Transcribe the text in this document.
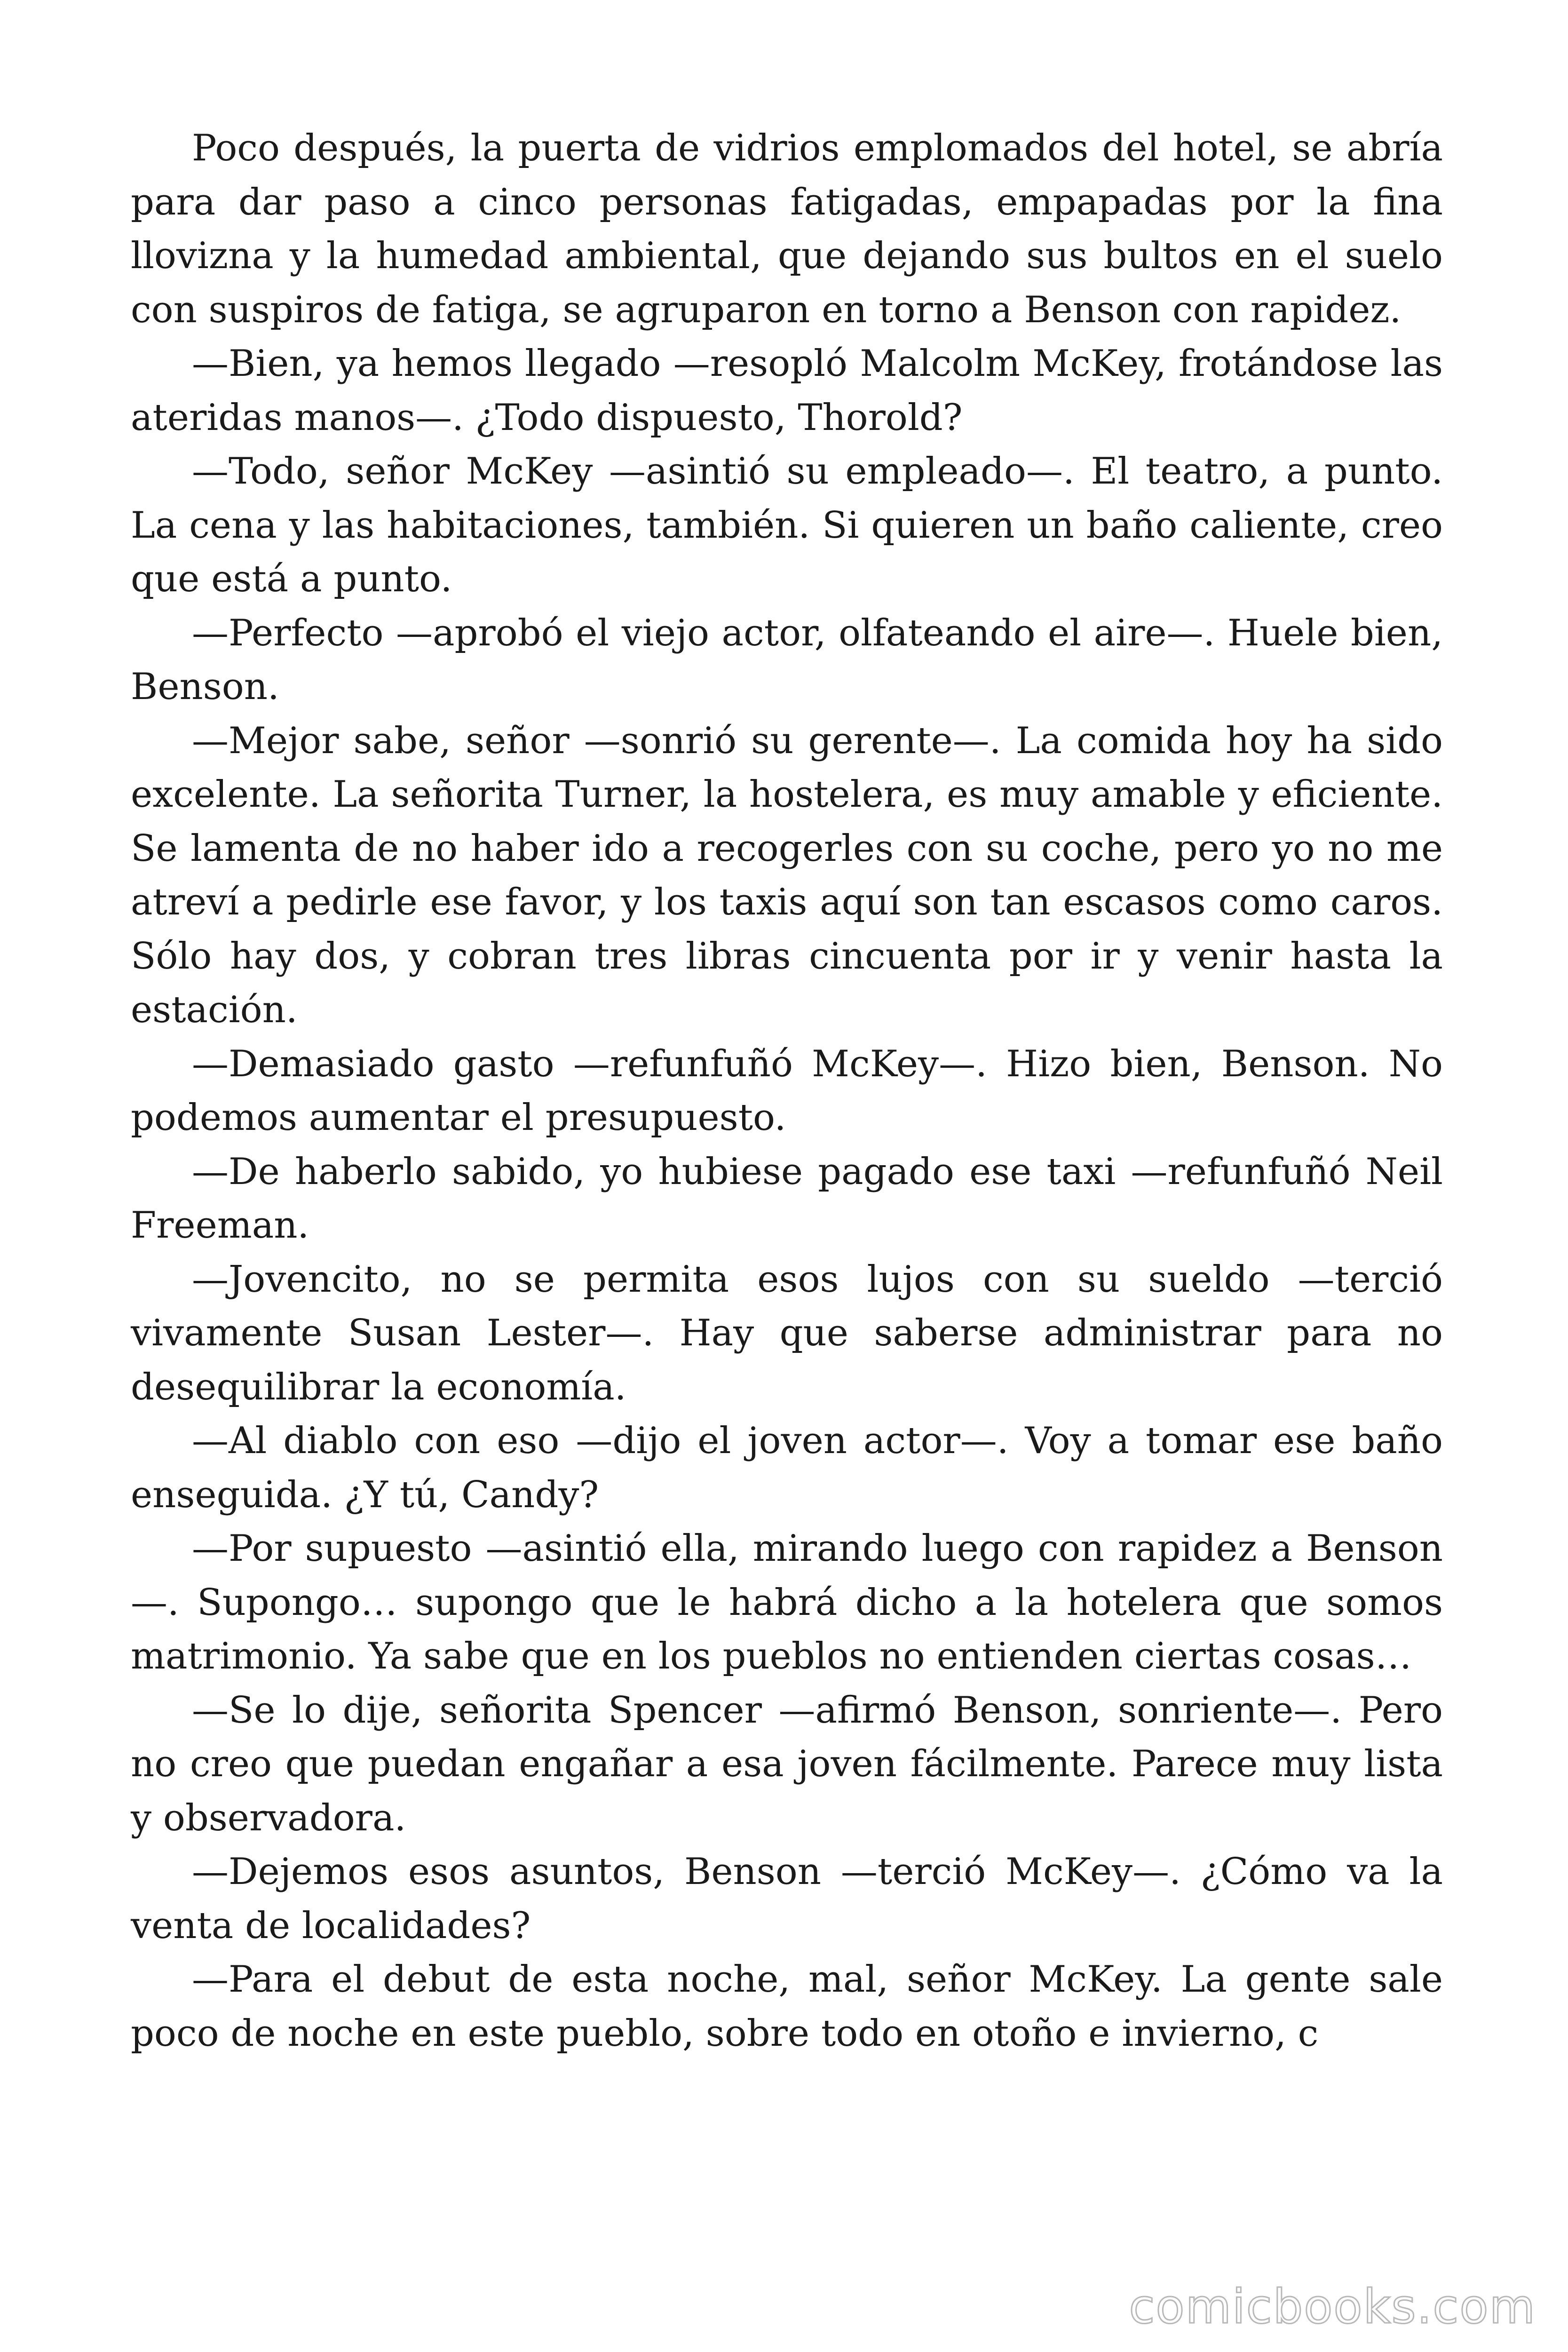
Poco después, la puerta de vidrios emplomados del hotel, se abría para dar paso a cinco personas fatigadas, empapadas por la fina llovizna y la humedad ambiental, que dejando sus bultos en el suelo con suspiros de fatiga, se agruparon en torno a Benson con rapidez.

—Bien, ya hemos llegado —resopló Malcolm McKey, frotándose las ateridas manos—. ¿Todo dispuesto, Thorold?

—Todo, señor McKey —asintió su empleado—. El teatro, a punto. La cena y las habitaciones, también. Si quieren un baño caliente, creo que está a punto.

—Perfecto —aprobó el viejo actor, olfateando el aire—. Huele bien, Benson.

—Mejor sabe, señor —sonrió su gerente—. La comida hoy ha sido excelente. La señorita Turner, la hostelera, es muy amable y eficiente. Se lamenta de no haber ido a recogerles con su coche, pero yo no me atreví a pedirle ese favor, y los taxis aquí son tan escasos como caros. Sólo hay dos, y cobran tres libras cincuenta por ir y venir hasta la estación.

—Demasiado gasto —refunfuñó McKey—. Hizo bien, Benson. No podemos aumentar el presupuesto.

—De haberlo sabido, yo hubiese pagado ese taxi —refunfuñó Neil Freeman.

—Jovencito, no se permita esos lujos con su sueldo —terció vivamente Susan Lester—. Hay que saberse administrar para no desequilibrar la economía.

—Al diablo con eso —dijo el joven actor—. Voy a tomar ese baño enseguida. ¿Y tú, Candy?

—Por supuesto —asintió ella, mirando luego con rapidez a Benson—. Supongo… supongo que le habrá dicho a la hotelera que somos matrimonio. Ya sabe que en los pueblos no entienden ciertas cosas…

—Se lo dije, señorita Spencer —afirmó Benson, sonriente—. Pero no creo que puedan engañar a esa joven fácilmente. Parece muy lista y observadora.

—Dejemos esos asuntos, Benson —terció McKey—. ¿Cómo va la venta de localidades?

—Para el debut de esta noche, mal, señor McKey. La gente sale poco de noche en este pueblo, sobre todo en otoño e invierno, c

comicbooks.com
